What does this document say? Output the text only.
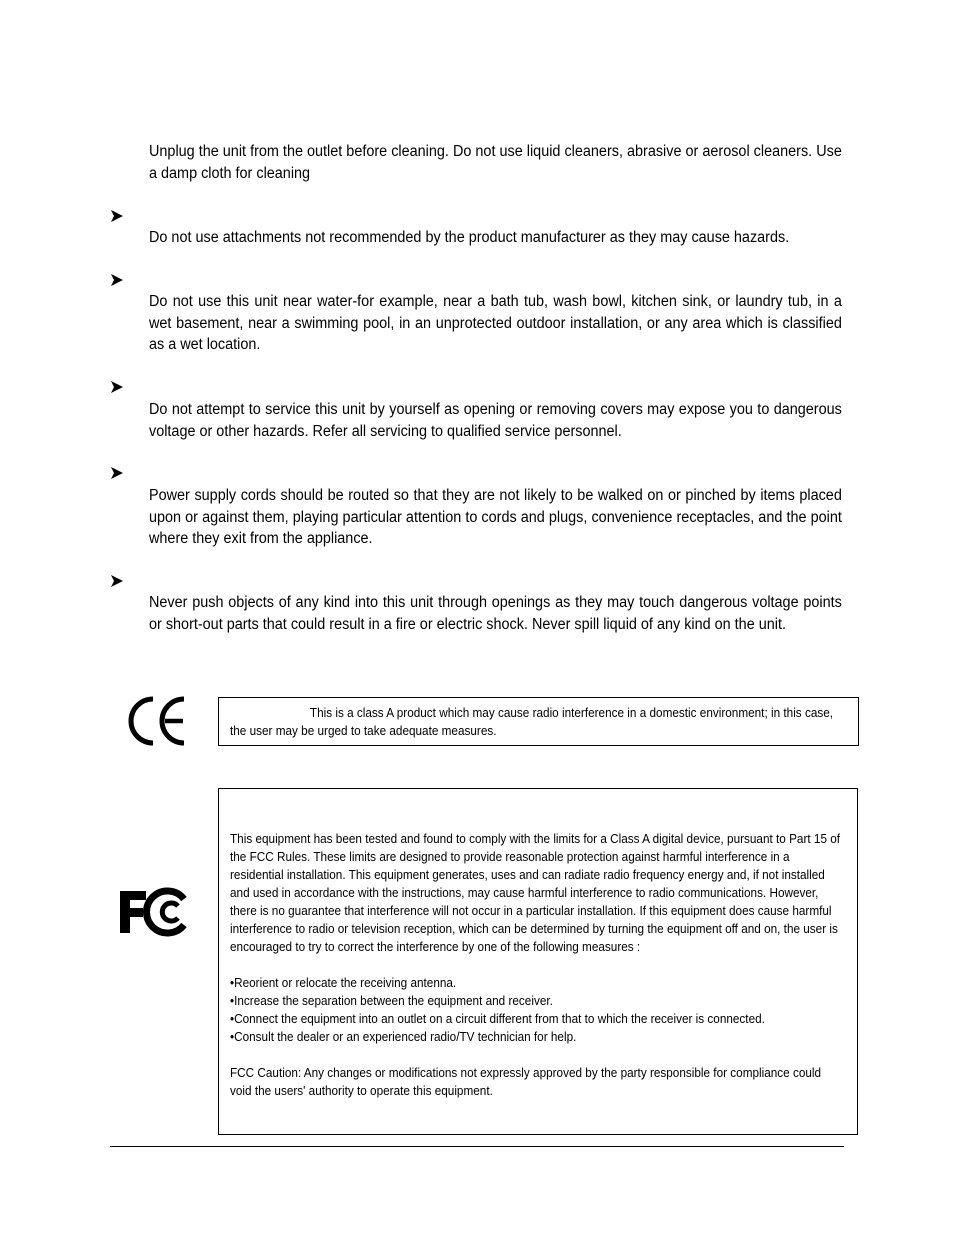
Unplug the unit from the outlet before cleaning. Do not use liquid cleaners, abrasive or aerosol cleaners. Use a damp cloth for cleaning
Do not use attachments not recommended by the product manufacturer as they may cause hazards.
Do not use this unit near water-for example, near a bath tub, wash bowl, kitchen sink, or laundry tub, in a wet basement, near a swimming pool, in an unprotected outdoor installation, or any area which is classified as a wet location.
Do not attempt to service this unit by yourself as opening or removing covers may expose you to dangerous voltage or other hazards. Refer all servicing to qualified service personnel.
Power supply cords should be routed so that they are not likely to be walked on or pinched by items placed upon or against them, playing particular attention to cords and plugs, convenience receptacles, and the point where they exit from the appliance.
Never push objects of any kind into this unit through openings as they may touch dangerous voltage points or short-out parts that could result in a fire or electric shock. Never spill liquid of any kind on the unit.
This is a class A product which may cause radio interference in a domestic environment; in this case, the user may be urged to take adequate measures.
This equipment has been tested and found to comply with the limits for a Class A digital device, pursuant to Part 15 of the FCC Rules. These limits are designed to provide reasonable protection against harmful interference in a residential installation. This equipment generates, uses and can radiate radio frequency energy and, if not installed and used in accordance with the instructions, may cause harmful interference to radio communications. However, there is no guarantee that interference will not occur in a particular installation. If this equipment does cause harmful interference to radio or television reception, which can be determined by turning the equipment off and on, the user is encouraged to try to correct the interference by one of the following measures :
•Reorient or relocate the receiving antenna.
•Increase the separation between the equipment and receiver.
•Connect the equipment into an outlet on a circuit different from that to which the receiver is connected.
•Consult the dealer or an experienced radio/TV technician for help.
FCC Caution: Any changes or modifications not expressly approved by the party responsible for compliance could void the users' authority to operate this equipment.
